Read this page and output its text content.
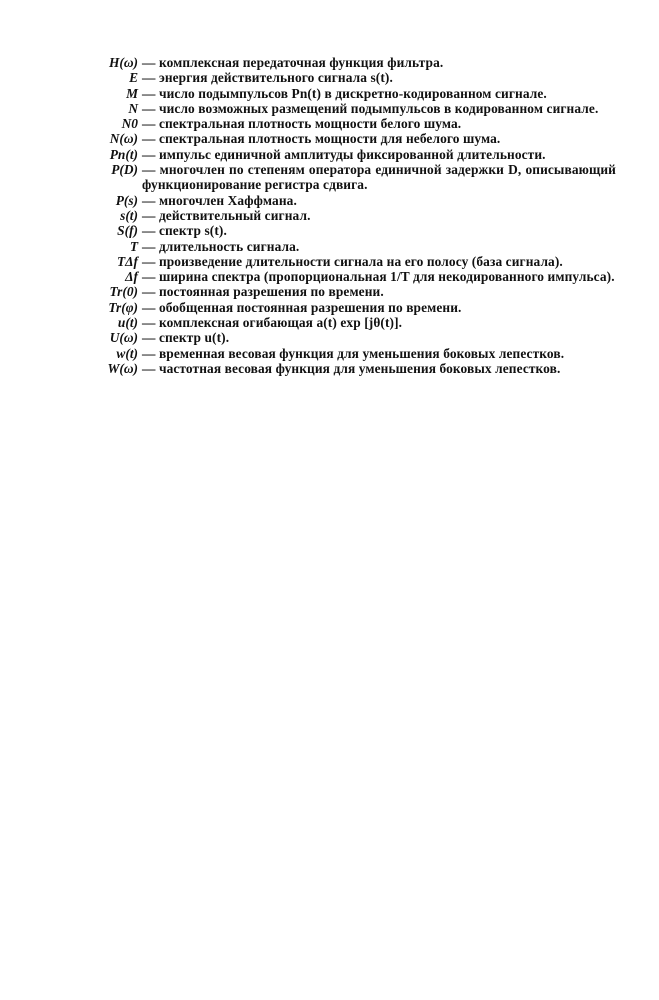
H(ω) — комплексная передаточная функция фильтра.
E — энергия действительного сигнала s(t).
M — число подымпульсов Pn(t) в дискретно-кодированном сигнале.
N — число возможных размещений подымпульсов в кодированном сигнале.
N0 — спектральная плотность мощности белого шума.
N(ω) — спектральная плотность мощности для небелого шума.
Pn(t) — импульс единичной амплитуды фиксированной длительности.
P(D) — многочлен по степеням оператора единичной задержки D, описывающий функционирование регистра сдвига.
P(s) — многочлен Хаффмана.
s(t) — действительный сигнал.
S(f) — спектр s(t).
T — длительность сигнала.
TΔf — произведение длительности сигнала на его полосу (база сигнала).
Δf — ширина спектра (пропорциональная 1/T для некодированного импульса).
Tr(0) — постоянная разрешения по времени.
Tr(φ) — обобщенная постоянная разрешения по времени.
u(t) — комплексная огибающая a(t) exp [jθ(t)].
U(ω) — спектр u(t).
w(t) — временная весовая функция для уменьшения боковых лепестков.
W(ω) — частотная весовая функция для уменьшения боковых лепестков.
